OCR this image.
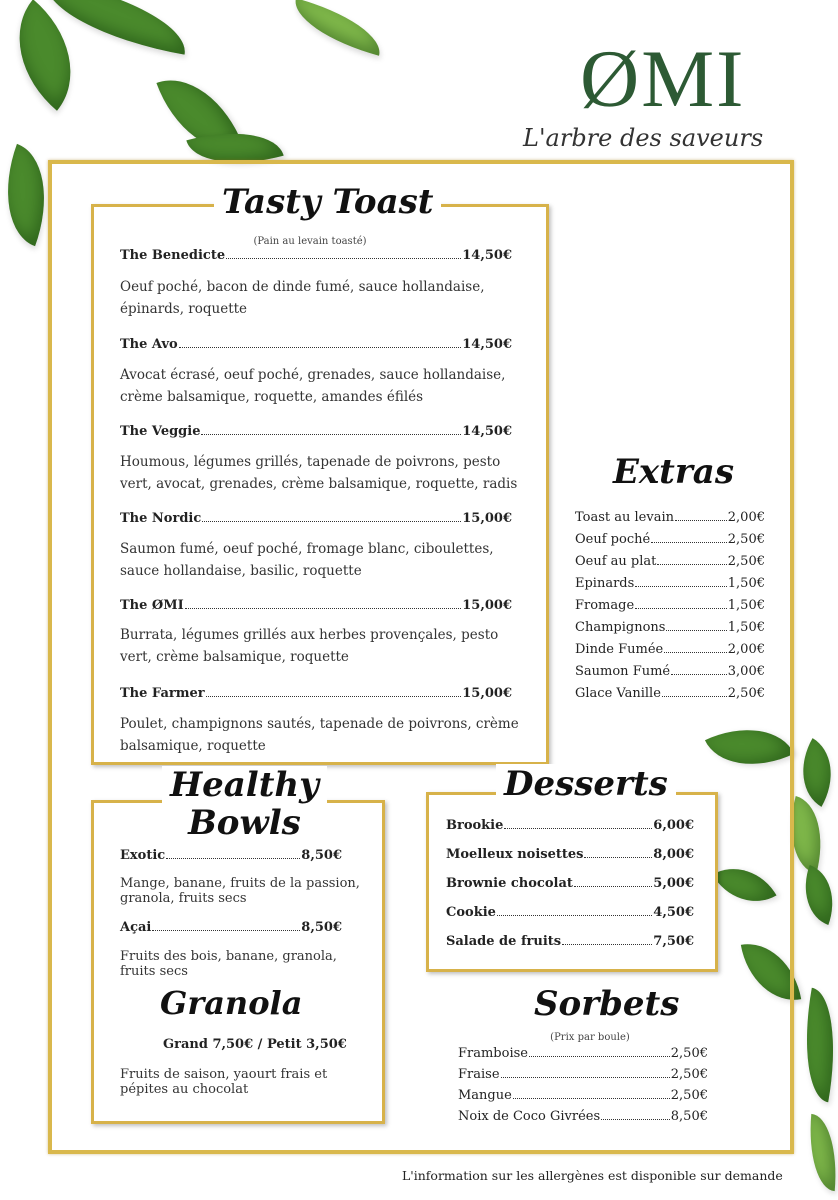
ØMI
L'arbre des saveurs
Tasty Toast
(Pain au levain toasté)
The Benedicte	14,50€
Oeuf poché, bacon de dinde fumé, sauce hollandaise,
épinards, roquette
The Avo	14,50€
Avocat écrasé, oeuf poché, grenades, sauce hollandaise,
crème balsamique, roquette, amandes éfilés
The Veggie	14,50€
Houmous, légumes grillés, tapenade de poivrons, pesto
vert, avocat, grenades, crème balsamique, roquette, radis
The Nordic	15,00€
Saumon fumé, oeuf poché, fromage blanc, ciboulettes,
sauce hollandaise, basilic, roquette
The ØMI	15,00€
Burrata, légumes grillés aux herbes provençales, pesto
vert, crème balsamique, roquette
The Farmer	15,00€
Poulet, champignons sautés, tapenade de poivrons, crème
balsamique, roquette
Extras
Toast au levain	2,00€
Oeuf poché	2,50€
Oeuf au plat	2,50€
Epinards	1,50€
Fromage	1,50€
Champignons	1,50€
Dinde Fumée	2,00€
Saumon Fumé	3,00€
Glace Vanille	2,50€
Healthy
Bowls
Exotic	8,50€
Mange, banane, fruits de la passion,
granola, fruits secs
Açai	8,50€
Fruits des bois, banane, granola,
fruits secs
Granola
Grand 7,50€ / Petit 3,50€
Fruits de saison, yaourt frais et
pépites au chocolat
Desserts
Brookie	6,00€
Moelleux noisettes	8,00€
Brownie chocolat	5,00€
Cookie	4,50€
Salade de fruits	7,50€
Sorbets
(Prix par boule)
Framboise	2,50€
Fraise	2,50€
Mangue	2,50€
Noix de Coco Givrées	8,50€
L'information sur les allergènes est disponible sur demande
